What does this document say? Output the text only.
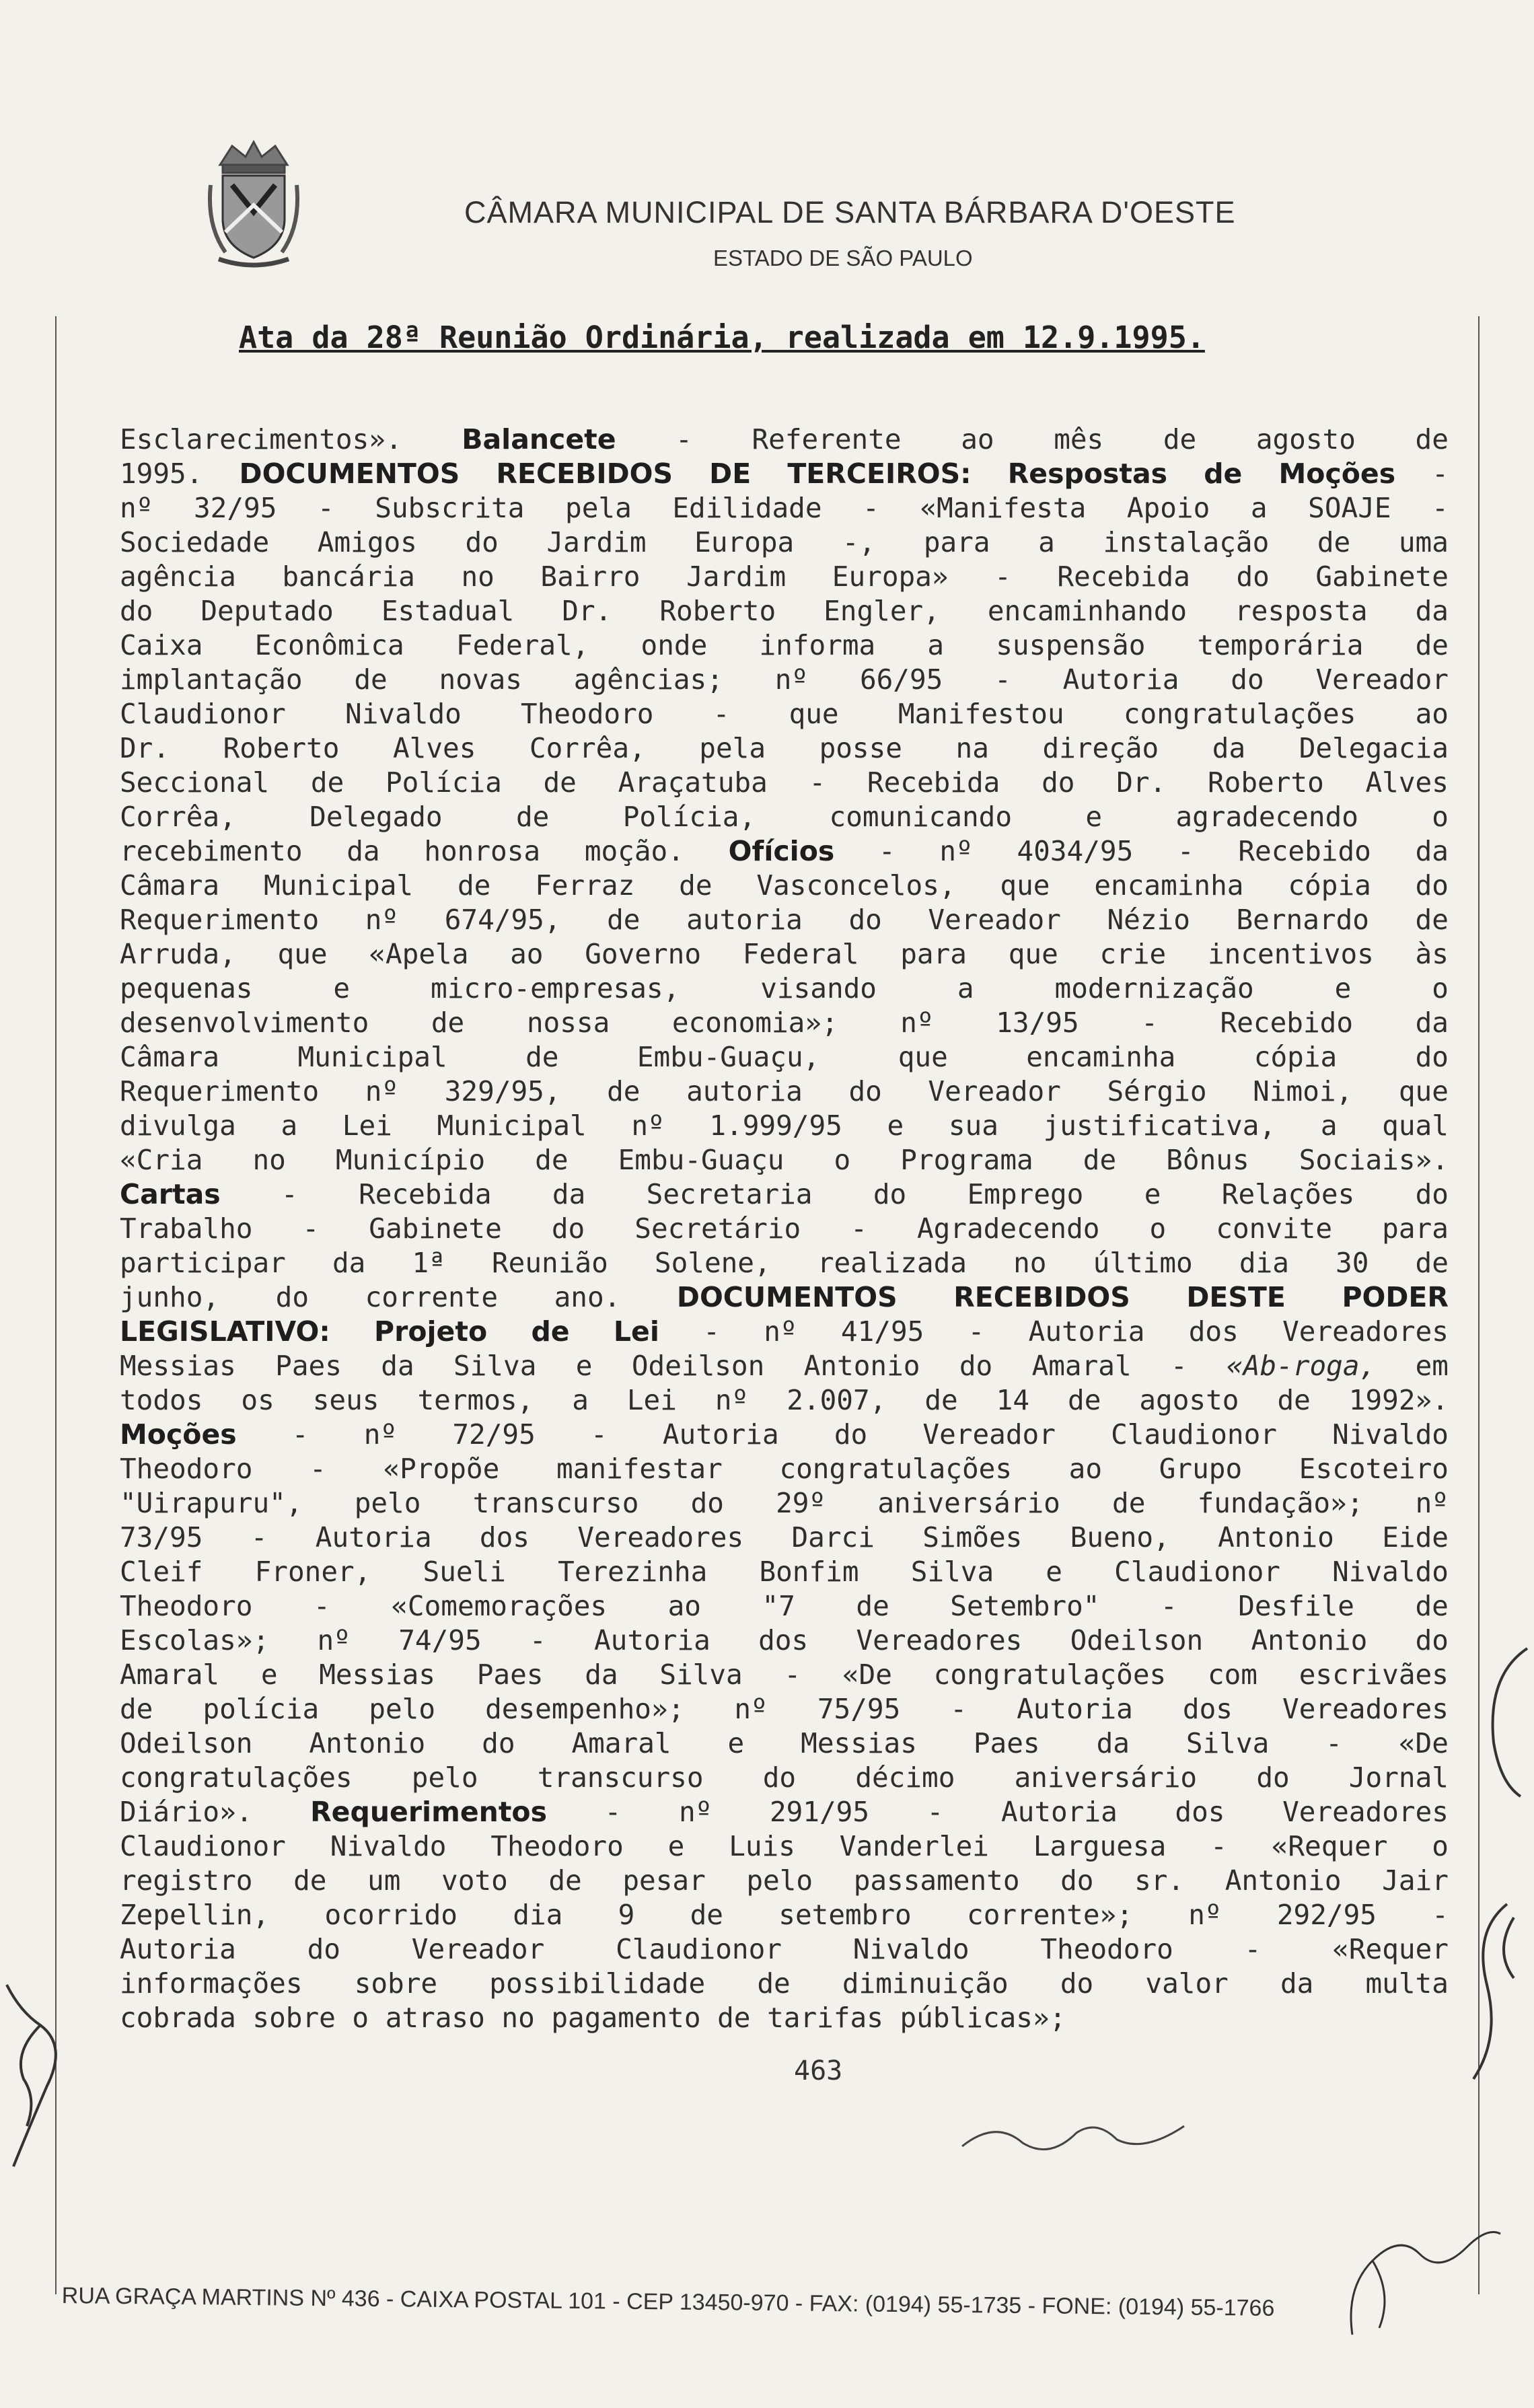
CÂMARA MUNICIPAL DE SANTA BÁRBARA D'OESTE
ESTADO DE SÃO PAULO
Ata da 28ª Reunião Ordinária, realizada em 12.9.1995.
Esclarecimentos». Balancete - Referente ao mês de agosto de
1995. DOCUMENTOS RECEBIDOS DE TERCEIROS: Respostas de Moções -
nº 32/95 - Subscrita pela Edilidade - «Manifesta Apoio a SOAJE -
Sociedade Amigos do Jardim Europa -, para a instalação de uma
agência bancária no Bairro Jardim Europa» - Recebida do Gabinete
do Deputado Estadual Dr. Roberto Engler, encaminhando resposta da
Caixa Econômica Federal, onde informa a suspensão temporária de
implantação de novas agências; nº 66/95 - Autoria do Vereador
Claudionor Nivaldo Theodoro - que Manifestou congratulações ao
Dr. Roberto Alves Corrêa, pela posse na direção da Delegacia
Seccional de Polícia de Araçatuba - Recebida do Dr. Roberto Alves
Corrêa,	Delegado	de	Polícia,	comunicando	e	agradecendo	o
recebimento da honrosa moção. Ofícios - nº 4034/95 - Recebido da
Câmara Municipal de Ferraz de Vasconcelos, que encaminha cópia do
Requerimento nº 674/95, de autoria do Vereador Nézio Bernardo de
Arruda, que «Apela ao Governo Federal para que crie incentivos às
pequenas	e	micro-empresas,	visando	a	modernização	e	o
desenvolvimento de nossa economia»; nº 13/95 - Recebido da
Câmara	Municipal	de	Embu-Guaçu,	que	encaminha	cópia	do
Requerimento nº 329/95, de autoria do Vereador Sérgio Nimoi, que
divulga a Lei Municipal nº 1.999/95 e sua justificativa, a qual
«Cria no Município de Embu-Guaçu o Programa de Bônus Sociais».
Cartas - Recebida da Secretaria do Emprego e Relações do
Trabalho - Gabinete do Secretário - Agradecendo o convite para
participar da 1ª Reunião Solene, realizada no último dia 30 de
junho, do corrente ano. DOCUMENTOS RECEBIDOS DESTE PODER
LEGISLATIVO: Projeto de Lei - nº 41/95 - Autoria dos Vereadores
Messias Paes da Silva e Odeilson Antonio do Amaral - «Ab-roga, em
todos os seus termos, a Lei nº 2.007, de 14 de agosto de 1992».
Moções - nº 72/95 - Autoria do Vereador Claudionor Nivaldo
Theodoro - «Propõe manifestar congratulações ao Grupo Escoteiro
"Uirapuru", pelo transcurso do 29º aniversário de fundação»; nº
73/95 - Autoria dos Vereadores Darci Simões Bueno, Antonio Eide
Cleif Froner, Sueli Terezinha Bonfim Silva e Claudionor Nivaldo
Theodoro - «Comemorações ao "7 de Setembro" - Desfile de
Escolas»; nº 74/95 - Autoria dos Vereadores Odeilson Antonio do
Amaral e Messias Paes da Silva - «De congratulações com escrivães
de polícia pelo desempenho»; nº 75/95 - Autoria dos Vereadores
Odeilson Antonio do Amaral e Messias Paes da Silva - «De
congratulações pelo transcurso do décimo aniversário do Jornal
Diário». Requerimentos - nº 291/95 - Autoria dos Vereadores
Claudionor Nivaldo Theodoro e Luis Vanderlei Larguesa - «Requer o
registro de um voto de pesar pelo passamento do sr. Antonio Jair
Zepellin, ocorrido dia 9 de setembro corrente»; nº 292/95 -
Autoria	do	Vereador	Claudionor	Nivaldo	Theodoro	-	«Requer
informações sobre possibilidade de diminuição do valor da multa
cobrada sobre o atraso no pagamento de tarifas públicas»;
463
RUA GRAÇA MARTINS Nº 436 - CAIXA POSTAL 101 - CEP 13450-970 - FAX: (0194) 55-1735 - FONE: (0194) 55-1766
